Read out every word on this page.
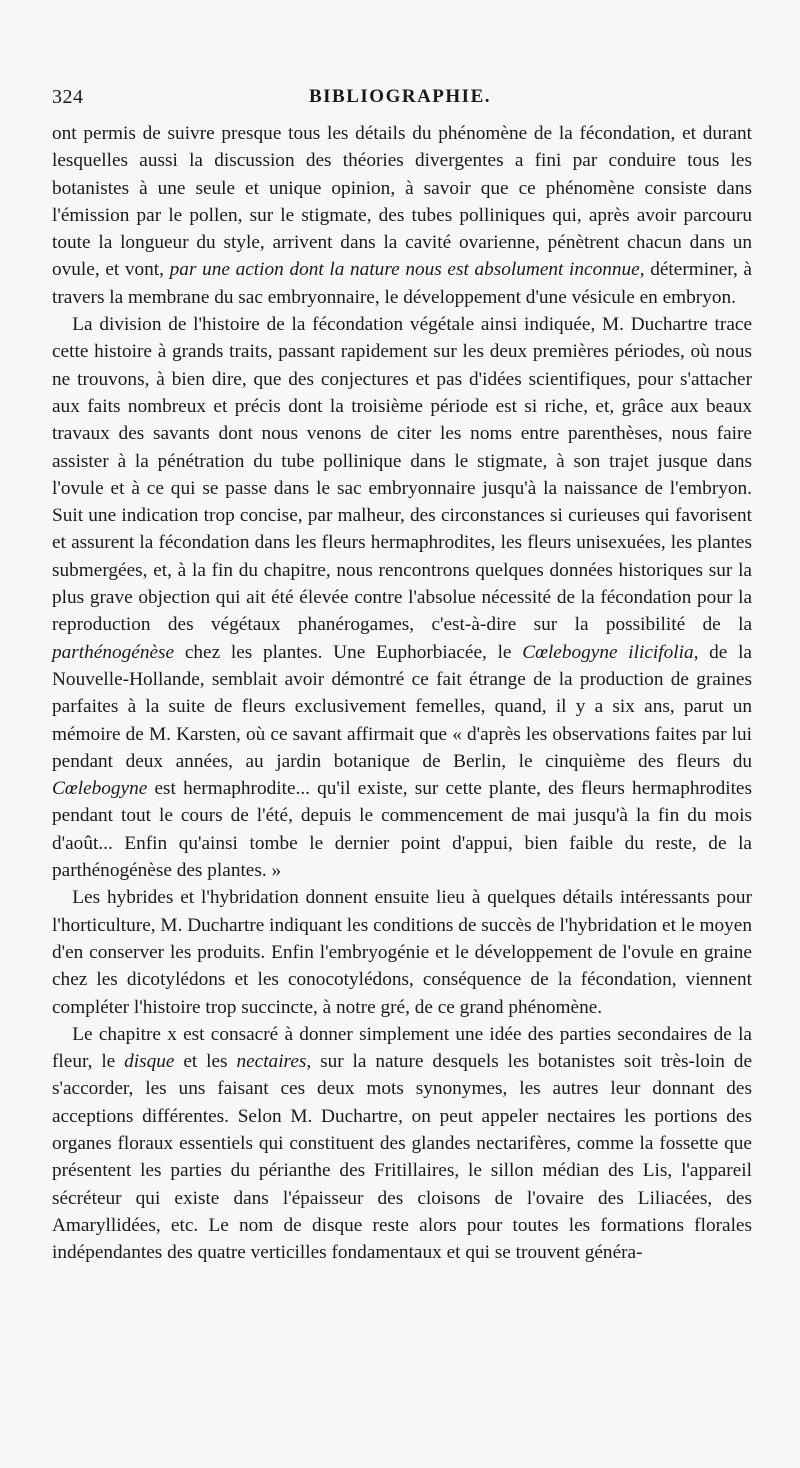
324	BIBLIOGRAPHIE.

ont permis de suivre presque tous les détails du phénomène de la fécondation, et durant lesquelles aussi la discussion des théories divergentes a fini par conduire tous les botanistes à une seule et unique opinion, à savoir que ce phénomène consiste dans l'émission par le pollen, sur le stigmate, des tubes polliniques qui, après avoir parcouru toute la longueur du style, arrivent dans la cavité ovarienne, pénètrent chacun dans un ovule, et vont, par une action dont la nature nous est absolument inconnue, déterminer, à travers la membrane du sac embryonnaire, le développement d'une vésicule en embryon.

La division de l'histoire de la fécondation végétale ainsi indiquée, M. Duchartre trace cette histoire à grands traits, passant rapidement sur les deux premières périodes, où nous ne trouvons, à bien dire, que des conjectures et pas d'idées scientifiques, pour s'attacher aux faits nombreux et précis dont la troisième période est si riche, et, grâce aux beaux travaux des savants dont nous venons de citer les noms entre parenthèses, nous faire assister à la pénétration du tube pollinique dans le stigmate, à son trajet jusque dans l'ovule et à ce qui se passe dans le sac embryonnaire jusqu'à la naissance de l'embryon. Suit une indication trop concise, par malheur, des circonstances si curieuses qui favorisent et assurent la fécondation dans les fleurs hermaphrodites, les fleurs unisexuées, les plantes submergées, et, à la fin du chapitre, nous rencontrons quelques données historiques sur la plus grave objection qui ait été élevée contre l'absolue nécessité de la fécondation pour la reproduction des végétaux phanérogames, c'est-à-dire sur la possibilité de la parthénogénèse chez les plantes. Une Euphorbiacée, le Cœlebogyne ilicifolia, de la Nouvelle-Hollande, semblait avoir démontré ce fait étrange de la production de graines parfaites à la suite de fleurs exclusivement femelles, quand, il y a six ans, parut un mémoire de M. Karsten, où ce savant affirmait que « d'après les observations faites par lui pendant deux années, au jardin botanique de Berlin, le cinquième des fleurs du Cœlebogyne est hermaphrodite... qu'il existe, sur cette plante, des fleurs hermaphrodites pendant tout le cours de l'été, depuis le commencement de mai jusqu'à la fin du mois d'août... Enfin qu'ainsi tombe le dernier point d'appui, bien faible du reste, de la parthénogénèse des plantes. »

Les hybrides et l'hybridation donnent ensuite lieu à quelques détails intéressants pour l'horticulture, M. Duchartre indiquant les conditions de succès de l'hybridation et le moyen d'en conserver les produits. Enfin l'embryogénie et le développement de l'ovule en graine chez les dicotylédons et les conocotylédons, conséquence de la fécondation, viennent compléter l'histoire trop succincte, à notre gré, de ce grand phénomène.

Le chapitre x est consacré à donner simplement une idée des parties secondaires de la fleur, le disque et les nectaires, sur la nature desquels les botanistes soit très-loin de s'accorder, les uns faisant ces deux mots synonymes, les autres leur donnant des acceptions différentes. Selon M. Duchartre, on peut appeler nectaires les portions des organes floraux essentiels qui constituent des glandes nectarifères, comme la fossette que présentent les parties du périanthe des Fritillaires, le sillon médian des Lis, l'appareil sécréteur qui existe dans l'épaisseur des cloisons de l'ovaire des Liliacées, des Amaryllidées, etc. Le nom de disque reste alors pour toutes les formations florales indépendantes des quatre verticilles fondamentaux et qui se trouvent généra-
